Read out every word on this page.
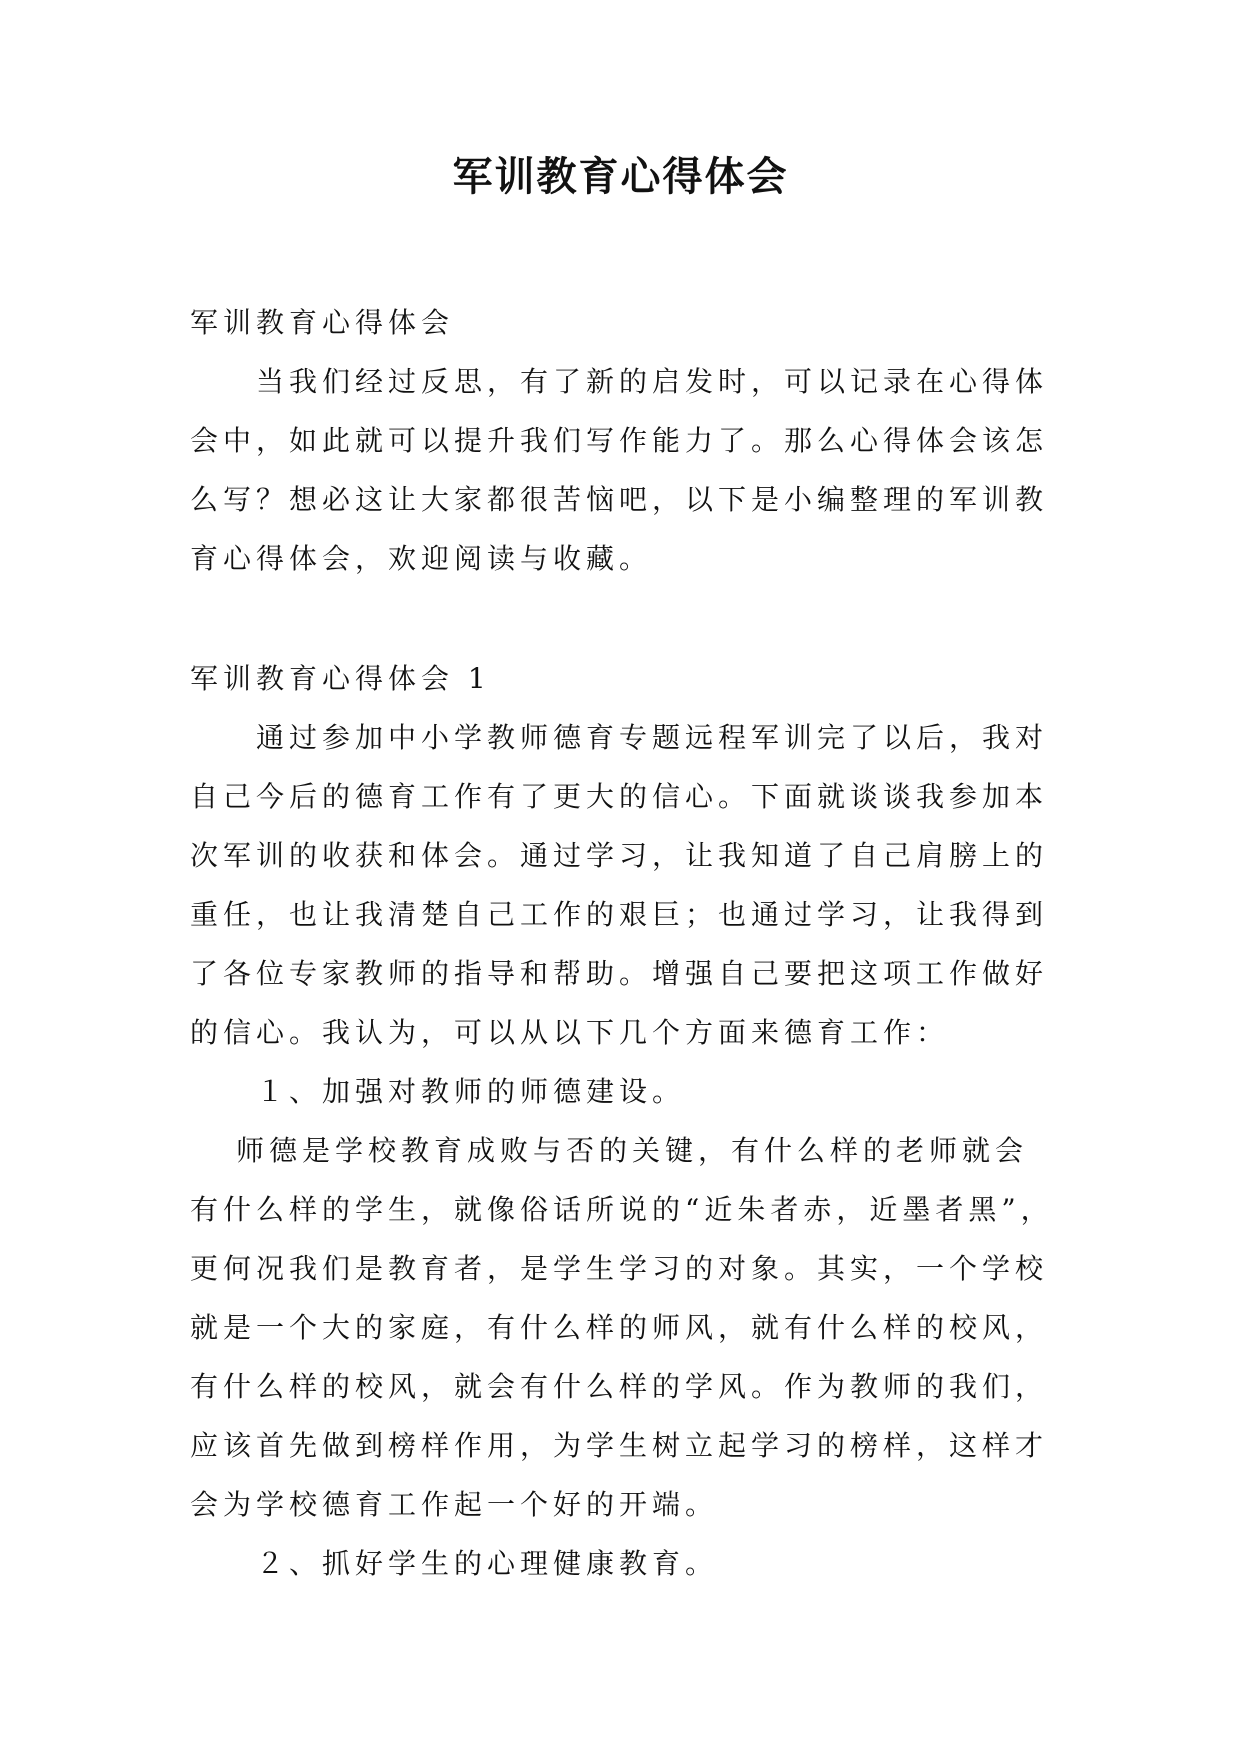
军训教育心得体会
军训教育心得体会
当我们经过反思，有了新的启发时，可以记录在心得体
会中，如此就可以提升我们写作能力了。那么心得体会该怎
么写？想必这让大家都很苦恼吧，以下是小编整理的军训教
育心得体会，欢迎阅读与收藏。
军训教育心得体会 1
通过参加中小学教师德育专题远程军训完了以后，我对
自己今后的德育工作有了更大的信心。下面就谈谈我参加本
次军训的收获和体会。通过学习，让我知道了自己肩膀上的
重任，也让我清楚自己工作的艰巨；也通过学习，让我得到
了各位专家教师的指导和帮助。增强自己要把这项工作做好
的信心。我认为，可以从以下几个方面来德育工作：
１、加强对教师的师德建设。
师德是学校教育成败与否的关键，有什么样的老师就会
有什么样的学生，就像俗话所说的“近朱者赤，近墨者黑”，
更何况我们是教育者，是学生学习的对象。其实，一个学校
就是一个大的家庭，有什么样的师风，就有什么样的校风，
有什么样的校风，就会有什么样的学风。作为教师的我们，
应该首先做到榜样作用，为学生树立起学习的榜样，这样才
会为学校德育工作起一个好的开端。
２、抓好学生的心理健康教育。
